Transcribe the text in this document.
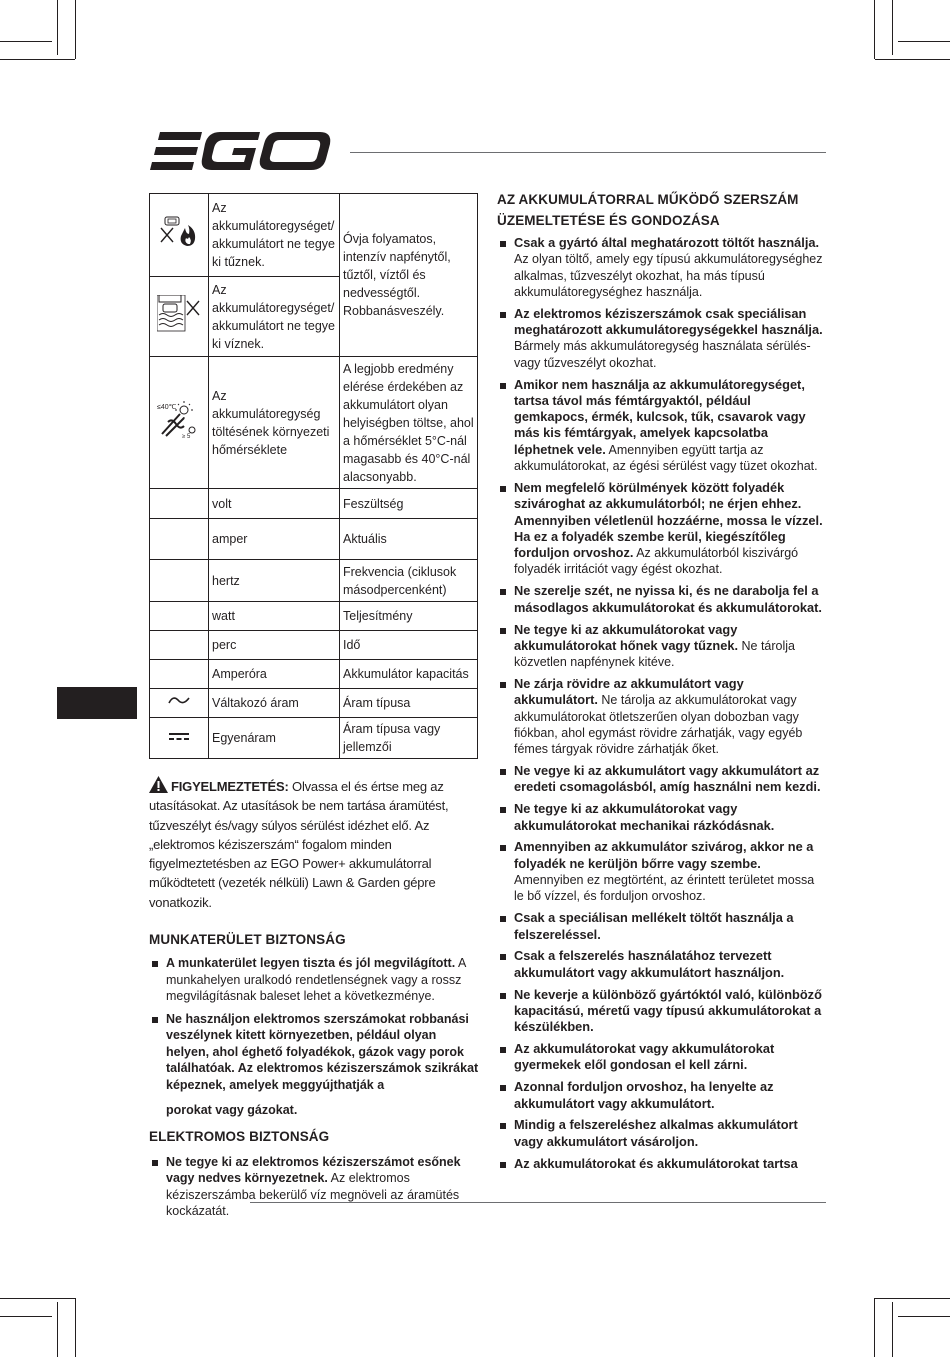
	Az akkumulátoregységet/ akkumulátort ne tegye ki tűznek.	Óvja folyamatos, intenzív napfénytől, tűztől, víztől és nedvességtől. Robbanásveszély.
	Az akkumulátoregységet/ akkumulátort ne tegye ki víznek.	

≤40℃
≥ 5	Az akkumulátoregység töltésének környezeti hőmérséklete	A legjobb eredmény elérése érdekében az akkumulátort olyan helyiségben töltse, ahol a hőmérséklet 5°C-nál magasabb és 40°C-nál alacsonyabb.
	volt	Feszültség
	amper	Aktuális
	hertz	Frekvencia (ciklusok másodpercenként)
	watt	Teljesítmény
	perc	Idő
	Amperóra	Akkumulátor kapacitás
	Váltakozó áram	Áram típusa
	Egyenáram	Áram típusa vagy jellemzői
FIGYELMEZTETÉS: Olvassa el és értse meg az utasításokat. Az utasítások be nem tartása áramütést, tűzveszélyt és/vagy súlyos sérülést idézhet elő. Az „elektromos kéziszerszám“ fogalom minden figyelmeztetésben az EGO Power+ akkumulátorral működtetett (vezeték nélküli) Lawn & Garden gépre vonatkozik.
MUNKATERÜLET BIZTONSÁG
A munkaterület legyen tiszta és jól megvilágított. A munkahelyen uralkodó rendetlenségnek vagy a rossz megvilágításnak baleset lehet a következménye.
Ne használjon elektromos szerszámokat robbanási veszélynek kitett környezetben, például olyan helyen, ahol éghető folyadékok, gázok vagy porok találhatóak. Az elektromos kéziszerszámok szikrákat képeznek, amelyek meggyújthatják a
porokat vagy gázokat.
ELEKTROMOS BIZTONSÁG
Ne tegye ki az elektromos kéziszerszámot esőnek vagy nedves környezetnek. Az elektromos kéziszerszámba bekerülő víz megnöveli az áramütés kockázatát.
AZ AKKUMULÁTORRAL MŰKÖDŐ SZERSZÁM ÜZEMELTETÉSE ÉS GONDOZÁSA
Csak a gyártó által meghatározott töltőt használja. Az olyan töltő, amely egy típusú akkumulátoregységhez alkalmas, tűzveszélyt okozhat, ha más típusú akkumulátoregységhez használja.
Az elektromos kéziszerszámok csak speciálisan meghatározott akkumulátoregységekkel használja. Bármely más akkumulátoregység használata sérülés- vagy tűzveszélyt okozhat.
Amikor nem használja az akkumulátoregységet, tartsa távol más fémtárgyaktól, például gemkapocs, érmék, kulcsok, tűk, csavarok vagy más kis fémtárgyak, amelyek kapcsolatba léphetnek vele. Amennyiben együtt tartja az akkumulátorokat, az égési sérülést vagy tüzet okozhat.
Nem megfelelő körülmények között folyadék szivároghat az akkumulátorból; ne érjen ehhez. Amennyiben véletlenül hozzáérne, mossa le vízzel. Ha ez a folyadék szembe kerül, kiegészítőleg forduljon orvoshoz. Az akkumulátorból kiszivárgó folyadék irritációt vagy égést okozhat.
Ne szerelje szét, ne nyissa ki, és ne darabolja fel a másodlagos akkumulátorokat és akkumulátorokat.
Ne tegye ki az akkumulátorokat vagy akkumulátorokat hőnek vagy tűznek. Ne tárolja közvetlen napfénynek kitéve.
Ne zárja rövidre az akkumulátort vagy akkumulátort. Ne tárolja az akkumulátorokat vagy akkumulátorokat ötletszerűen olyan dobozban vagy fiókban, ahol egymást rövidre zárhatják, vagy egyéb fémes tárgyak rövidre zárhatják őket.
Ne vegye ki az akkumulátort vagy akkumulátort az eredeti csomagolásból, amíg használni nem kezdi.
Ne tegye ki az akkumulátorokat vagy akkumulátorokat mechanikai rázkódásnak.
Amennyiben az akkumulátor szivárog, akkor ne a folyadék ne kerüljön bőrre vagy szembe. Amennyiben ez megtörtént, az érintett területet mossa le bő vízzel, és forduljon orvoshoz.
Csak a speciálisan mellékelt töltőt használja a felszereléssel.
Csak a felszerelés használatához tervezett akkumulátort vagy akkumulátort használjon.
Ne keverje a különböző gyártóktól való, különböző kapacitású, méretű vagy típusú akkumulátorokat a készülékben.
Az akkumulátorokat vagy akkumulátorokat gyermekek elől gondosan el kell zárni.
Azonnal forduljon orvoshoz, ha lenyelte az akkumulátort vagy akkumulátort.
Mindig a felszereléshez alkalmas akkumulátort vagy akkumulátort vásároljon.
Az akkumulátorokat és akkumulátorokat tartsa
